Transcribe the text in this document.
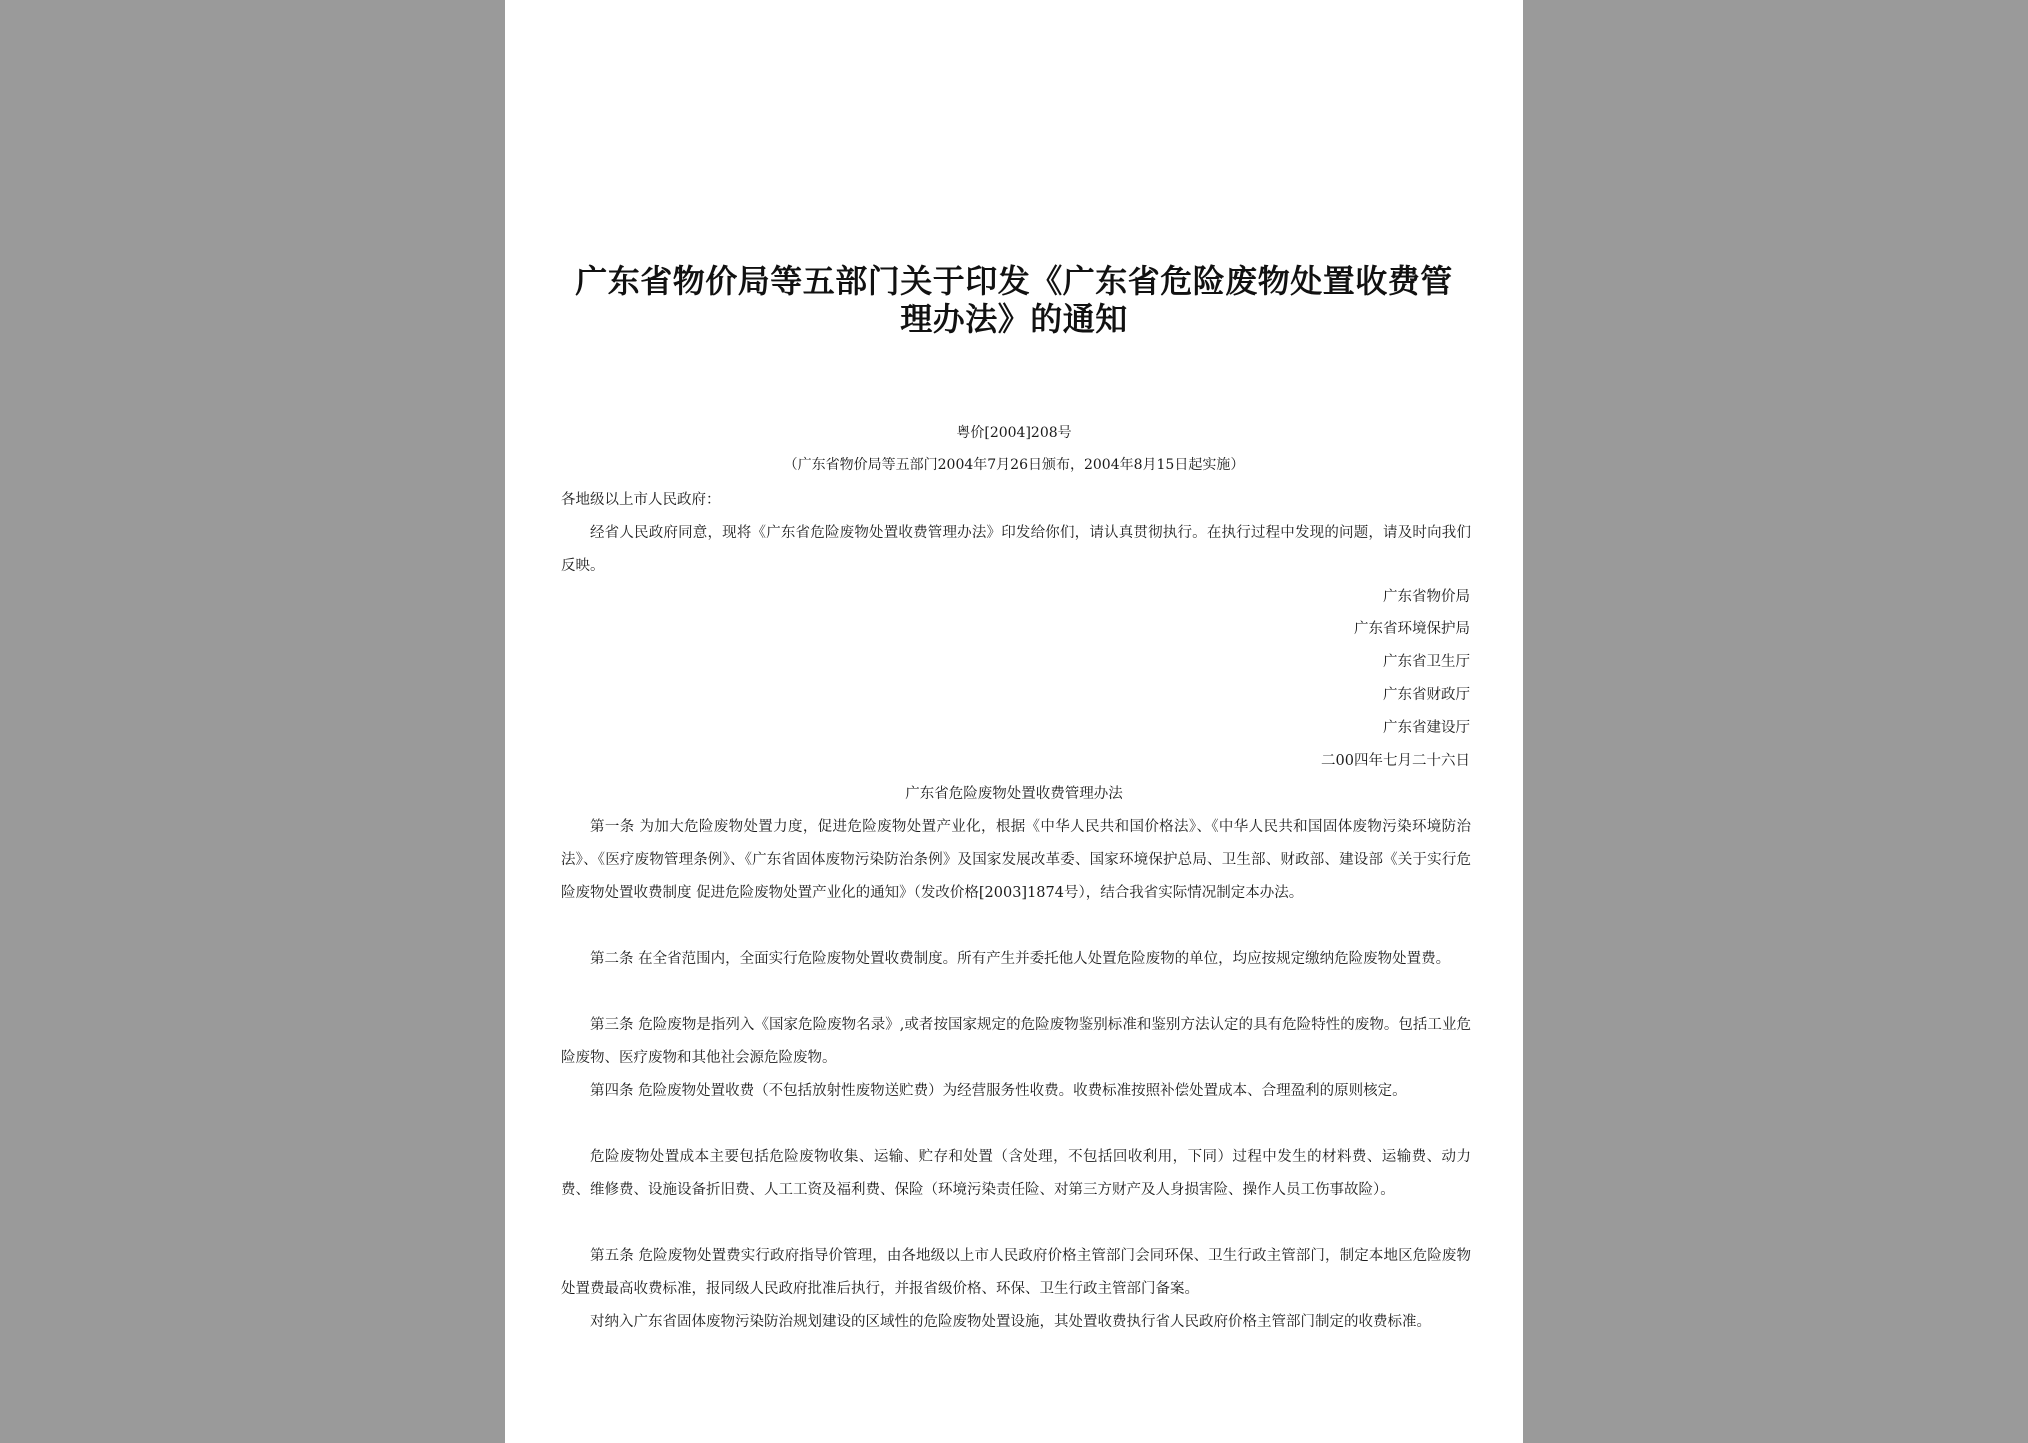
广东省物价局等五部门关于印发《广东省危险废物处置收费管理办法》的通知
粤价[2004]208号
（广东省物价局等五部门2004年7月26日颁布，2004年8月15日起实施）
各地级以上市人民政府：
经省人民政府同意，现将《广东省危险废物处置收费管理办法》印发给你们，请认真贯彻执行。在执行过程中发现的问题，请及时向我们反映。
广东省物价局
广东省环境保护局
广东省卫生厅
广东省财政厅
广东省建设厅
二00四年七月二十六日
广东省危险废物处置收费管理办法
第一条 为加大危险废物处置力度，促进危险废物处置产业化，根据《中华人民共和国价格法》、《中华人民共和国固体废物污染环境防治法》、《医疗废物管理条例》、《广东省固体废物污染防治条例》及国家发展改革委、国家环境保护总局、卫生部、财政部、建设部《关于实行危险废物处置收费制度 促进危险废物处置产业化的通知》（发改价格[2003]1874号），结合我省实际情况制定本办法。
第二条 在全省范围内，全面实行危险废物处置收费制度。所有产生并委托他人处置危险废物的单位，均应按规定缴纳危险废物处置费。
第三条 危险废物是指列入《国家危险废物名录》,或者按国家规定的危险废物鉴别标准和鉴别方法认定的具有危险特性的废物。包括工业危险废物、医疗废物和其他社会源危险废物。
第四条 危险废物处置收费（不包括放射性废物送贮费）为经营服务性收费。收费标准按照补偿处置成本、合理盈利的原则核定。
危险废物处置成本主要包括危险废物收集、运输、贮存和处置（含处理，不包括回收利用，下同）过程中发生的材料费、运输费、动力费、维修费、设施设备折旧费、人工工资及福利费、保险（环境污染责任险、对第三方财产及人身损害险、操作人员工伤事故险）。
第五条 危险废物处置费实行政府指导价管理，由各地级以上市人民政府价格主管部门会同环保、卫生行政主管部门，制定本地区危险废物处置费最高收费标准，报同级人民政府批准后执行，并报省级价格、环保、卫生行政主管部门备案。
对纳入广东省固体废物污染防治规划建设的区域性的危险废物处置设施，其处置收费执行省人民政府价格主管部门制定的收费标准。
